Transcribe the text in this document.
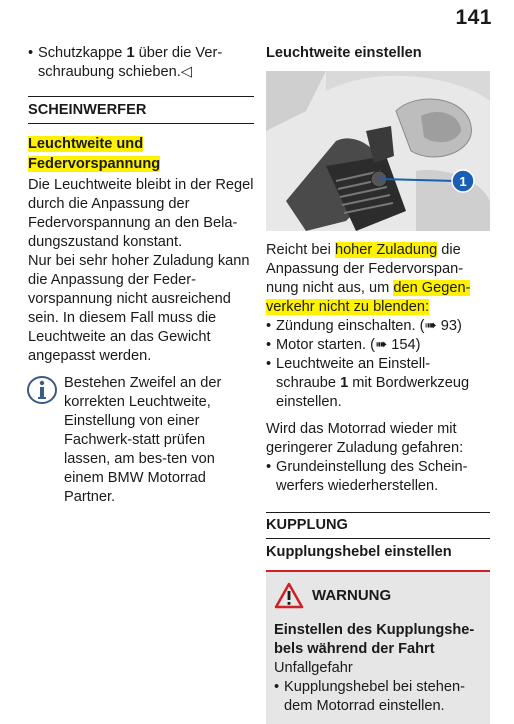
141
• Schutzkappe 1 über die Ver-schraubung schieben.◁
SCHEINWERFER
Leuchtweite und
Federvorspannung
Die Leuchtweite bleibt in der Regel durch die Anpassung der Federvorspannung an den Bela-dungszustand konstant.
Nur bei sehr hoher Zuladung kann die Anpassung der Feder-vorspannung nicht ausreichend sein. In diesem Fall muss die Leuchtweite an das Gewicht angepasst werden.
Bestehen Zweifel an der korrekten Leuchtweite, Einstellung von einer Fachwerk-statt prüfen lassen, am bes-ten von einem BMW Motorrad Partner.
Leuchtweite einstellen
1
Reicht bei hoher Zuladung die Anpassung der Federvorspan-nung nicht aus, um den Gegen-verkehr nicht zu blenden:
• Zündung einschalten. (➠ 93)
• Motor starten. (➠ 154)
• Leuchtweite an Einstell-schraube 1 mit Bordwerkzeug einstellen.
Wird das Motorrad wieder mit geringerer Zuladung gefahren:
• Grundeinstellung des Schein-werfers wiederherstellen.
KUPPLUNG
Kupplungshebel einstellen
WARNUNG
Einstellen des Kupplungshe-bels während der Fahrt
Unfallgefahr
• Kupplungshebel bei stehen-dem Motorrad einstellen.
